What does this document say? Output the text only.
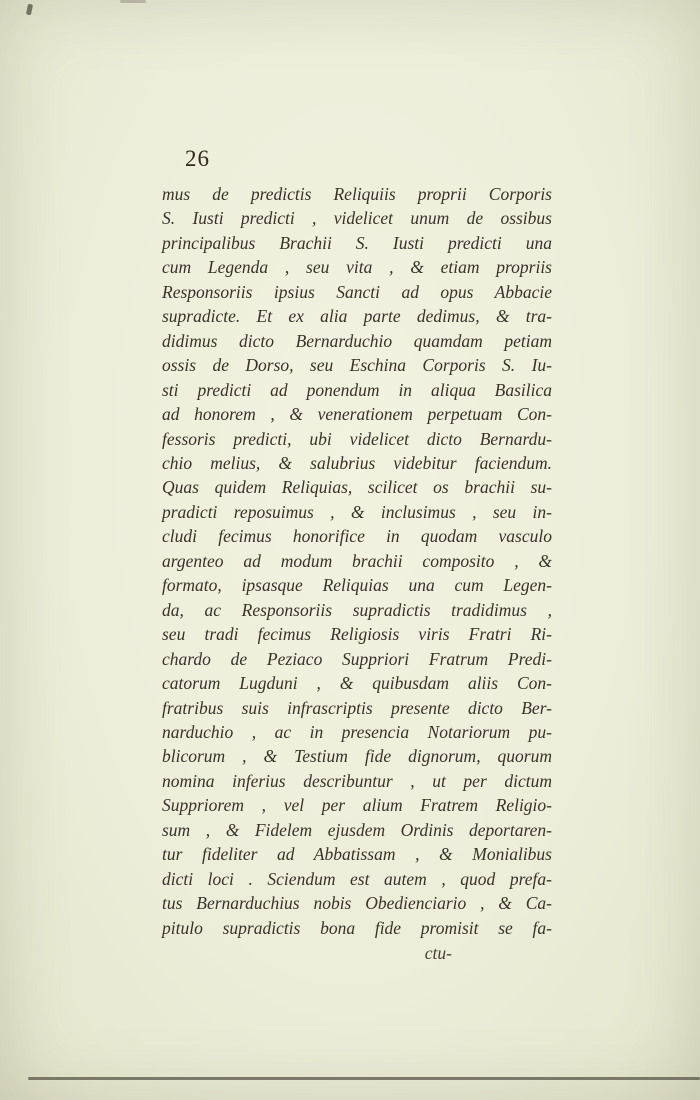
26
mus de predictis Reliquiis proprii Corporis
S. Iusti predicti , videlicet unum de ossibus
principalibus Brachii S. Iusti predicti una
cum Legenda , seu vita , & etiam propriis
Responsoriis ipsius Sancti ad opus Abbacie
supradicte. Et ex alia parte dedimus, & tra-
didimus dicto Bernarduchio quamdam petiam
ossis de Dorso, seu Eschina Corporis S. Iu-
sti predicti ad ponendum in aliqua Basilica
ad honorem , & venerationem perpetuam Con-
fessoris predicti, ubi videlicet dicto Bernardu-
chio melius, & salubrius videbitur faciendum.
Quas quidem Reliquias, scilicet os brachii su-
pradicti reposuimus , & inclusimus , seu in-
cludi fecimus honorifice in quodam vasculo
argenteo ad modum brachii composito , &
formato, ipsasque Reliquias una cum Legen-
da, ac Responsoriis supradictis tradidimus ,
seu tradi fecimus Religiosis viris Fratri Ri-
chardo de Peziaco Suppriori Fratrum Predi-
catorum Lugduni , & quibusdam aliis Con-
fratribus suis infrascriptis presente dicto Ber-
narduchio , ac in presencia Notariorum pu-
blicorum , & Testium fide dignorum, quorum
nomina inferius describuntur , ut per dictum
Suppriorem , vel per alium Fratrem Religio-
sum , & Fidelem ejusdem Ordinis deportaren-
tur fideliter ad Abbatissam , & Monialibus
dicti loci . Sciendum est autem , quod prefa-
tus Bernarduchius nobis Obedienciario , & Ca-
pitulo supradictis bona fide promisit se fa-
ctu-
